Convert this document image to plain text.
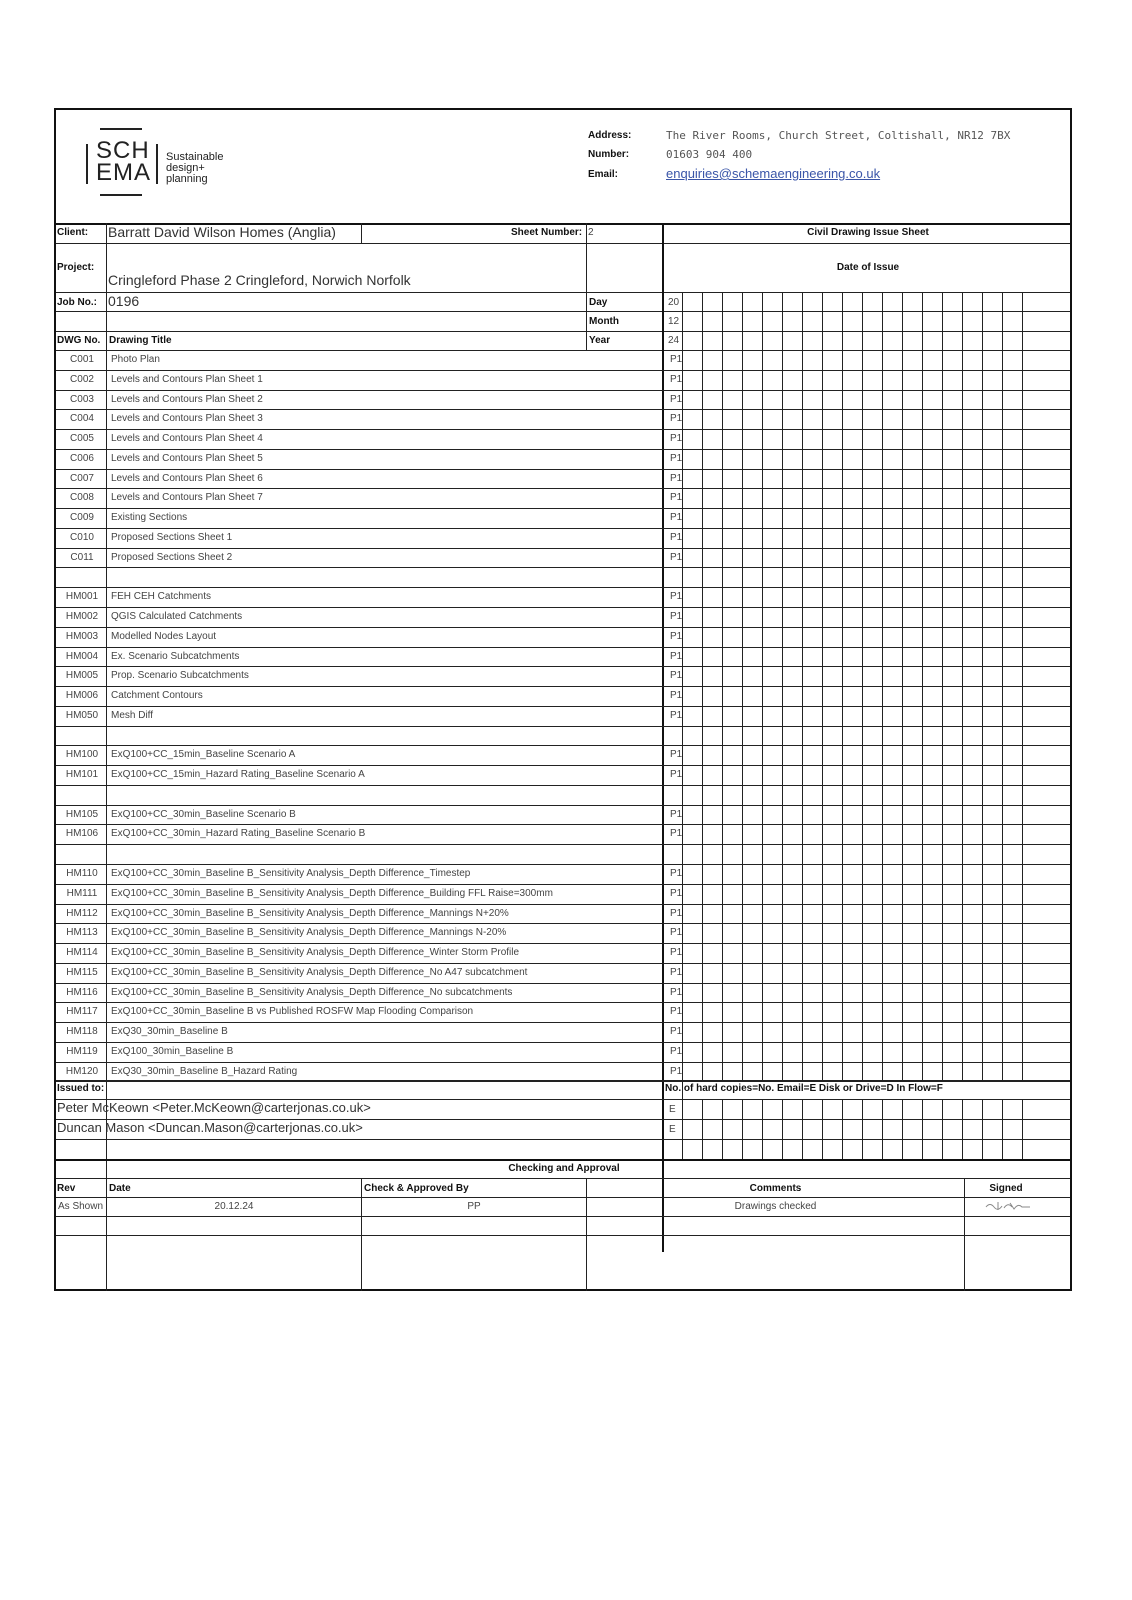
SCH
EMA
Sustainable
design+
planning
Address:	The River Rooms, Church Street, Coltishall, NR12 7BX
Number:	01603 904 400
Email:	enquiries@schemaengineering.co.uk
Client: Barratt David Wilson Homes (Anglia)	Sheet Number: 2	Civil Drawing Issue Sheet
Project:
Cringleford Phase 2 Cringleford, Norwich Norfolk
Date of Issue
Job No.: 0196	Day	20
Month	12
DWG No. Drawing Title	Year	24
C001	Photo Plan	P1
C002	Levels and Contours Plan Sheet 1	P1
C003	Levels and Contours Plan Sheet 2	P1
C004	Levels and Contours Plan Sheet 3	P1
C005	Levels and Contours Plan Sheet 4	P1
C006	Levels and Contours Plan Sheet 5	P1
C007	Levels and Contours Plan Sheet 6	P1
C008	Levels and Contours Plan Sheet 7	P1
C009	Existing Sections	P1
C010	Proposed Sections Sheet 1	P1
C011	Proposed Sections Sheet 2	P1
HM001	FEH CEH Catchments	P1
HM002	QGIS Calculated Catchments	P1
HM003	Modelled Nodes Layout	P1
HM004	Ex. Scenario Subcatchments	P1
HM005	Prop. Scenario Subcatchments	P1
HM006	Catchment Contours	P1
HM050	Mesh Diff	P1
HM100	ExQ100+CC_15min_Baseline Scenario A	P1
HM101	ExQ100+CC_15min_Hazard Rating_Baseline Scenario A	P1
HM105	ExQ100+CC_30min_Baseline Scenario B	P1
HM106	ExQ100+CC_30min_Hazard Rating_Baseline Scenario B	P1
HM110	ExQ100+CC_30min_Baseline B_Sensitivity Analysis_Depth Difference_Timestep	P1
HM111	ExQ100+CC_30min_Baseline B_Sensitivity Analysis_Depth Difference_Building FFL Raise=300mm	P1
HM112	ExQ100+CC_30min_Baseline B_Sensitivity Analysis_Depth Difference_Mannings N+20%	P1
HM113	ExQ100+CC_30min_Baseline B_Sensitivity Analysis_Depth Difference_Mannings N-20%	P1
HM114	ExQ100+CC_30min_Baseline B_Sensitivity Analysis_Depth Difference_Winter Storm Profile	P1
HM115	ExQ100+CC_30min_Baseline B_Sensitivity Analysis_Depth Difference_No A47 subcatchment	P1
HM116	ExQ100+CC_30min_Baseline B_Sensitivity Analysis_Depth Difference_No subcatchments	P1
HM117	ExQ100+CC_30min_Baseline B vs Published ROSFW Map Flooding Comparison	P1
HM118	ExQ30_30min_Baseline B	P1
HM119	ExQ100_30min_Baseline B	P1
HM120	ExQ30_30min_Baseline B_Hazard Rating	P1
Issued to:	No. of hard copies=No. Email=E Disk or Drive=D In Flow=F
Peter McKeown <Peter.McKeown@carterjonas.co.uk>	E
Duncan Mason <Duncan.Mason@carterjonas.co.uk>	E
Checking and Approval
Rev	Date	Check & Approved By	Comments	Signed
As Shown	20.12.24	PP	Drawings checked
